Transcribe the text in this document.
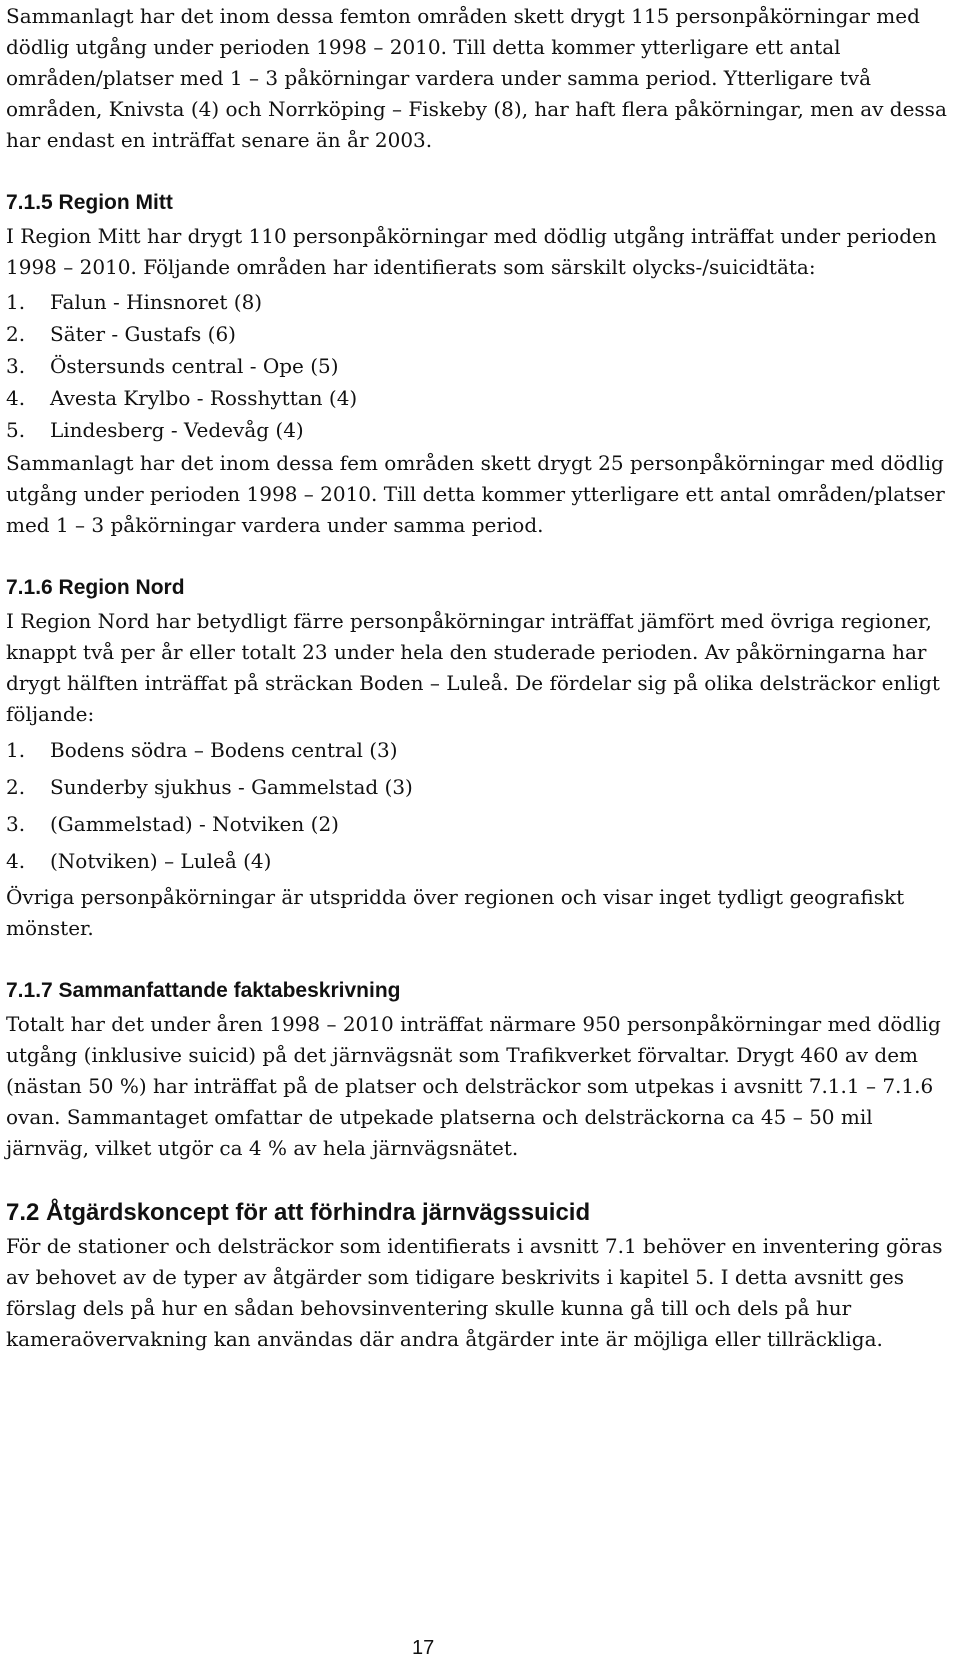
Sammanlagt har det inom dessa femton områden skett drygt 115 personpåkörningar med dödlig utgång under perioden 1998 – 2010. Till detta kommer ytterligare ett antal områden/platser med 1 – 3 påkörningar vardera under samma period. Ytterligare två områden, Knivsta (4) och Norrköping – Fiskeby (8), har haft flera påkörningar, men av dessa har endast en inträffat senare än år 2003.

7.1.5 Region Mitt

I Region Mitt har drygt 110 personpåkörningar med dödlig utgång inträffat under perioden 1998 – 2010. Följande områden har identifierats som särskilt olycks-/suicidtäta:

1. Falun - Hinsnoret (8)
2. Säter - Gustafs (6)
3. Östersunds central - Ope (5)
4. Avesta Krylbo - Rosshyttan (4)
5. Lindesberg - Vedevåg (4)

Sammanlagt har det inom dessa fem områden skett drygt 25 personpåkörningar med dödlig utgång under perioden 1998 – 2010. Till detta kommer ytterligare ett antal områden/platser med 1 – 3 påkörningar vardera under samma period.

7.1.6 Region Nord

I Region Nord har betydligt färre personpåkörningar inträffat jämfört med övriga regioner, knappt två per år eller totalt 23 under hela den studerade perioden. Av påkörningarna har drygt hälften inträffat på sträckan Boden – Luleå. De fördelar sig på olika delsträckor enligt följande:

1. Bodens södra – Bodens central (3)
2. Sunderby sjukhus - Gammelstad (3)
3. (Gammelstad) - Notviken (2)
4. (Notviken) – Luleå (4)

Övriga personpåkörningar är utspridda över regionen och visar inget tydligt geografiskt mönster.

7.1.7 Sammanfattande faktabeskrivning

Totalt har det under åren 1998 – 2010 inträffat närmare 950 personpåkörningar med dödlig utgång (inklusive suicid) på det järnvägsnät som Trafikverket förvaltar. Drygt 460 av dem (nästan 50 %) har inträffat på de platser och delsträckor som utpekas i avsnitt 7.1.1 – 7.1.6 ovan. Sammantaget omfattar de utpekade platserna och delsträckorna ca 45 – 50 mil järnväg, vilket utgör ca 4 % av hela järnvägsnätet.

7.2 Åtgärdskoncept för att förhindra järnvägssuicid

För de stationer och delsträckor som identifierats i avsnitt 7.1 behöver en inventering göras av behovet av de typer av åtgärder som tidigare beskrivits i kapitel 5. I detta avsnitt ges förslag dels på hur en sådan behovsinventering skulle kunna gå till och dels på hur kameraövervakning kan användas där andra åtgärder inte är möjliga eller tillräckliga.

17
